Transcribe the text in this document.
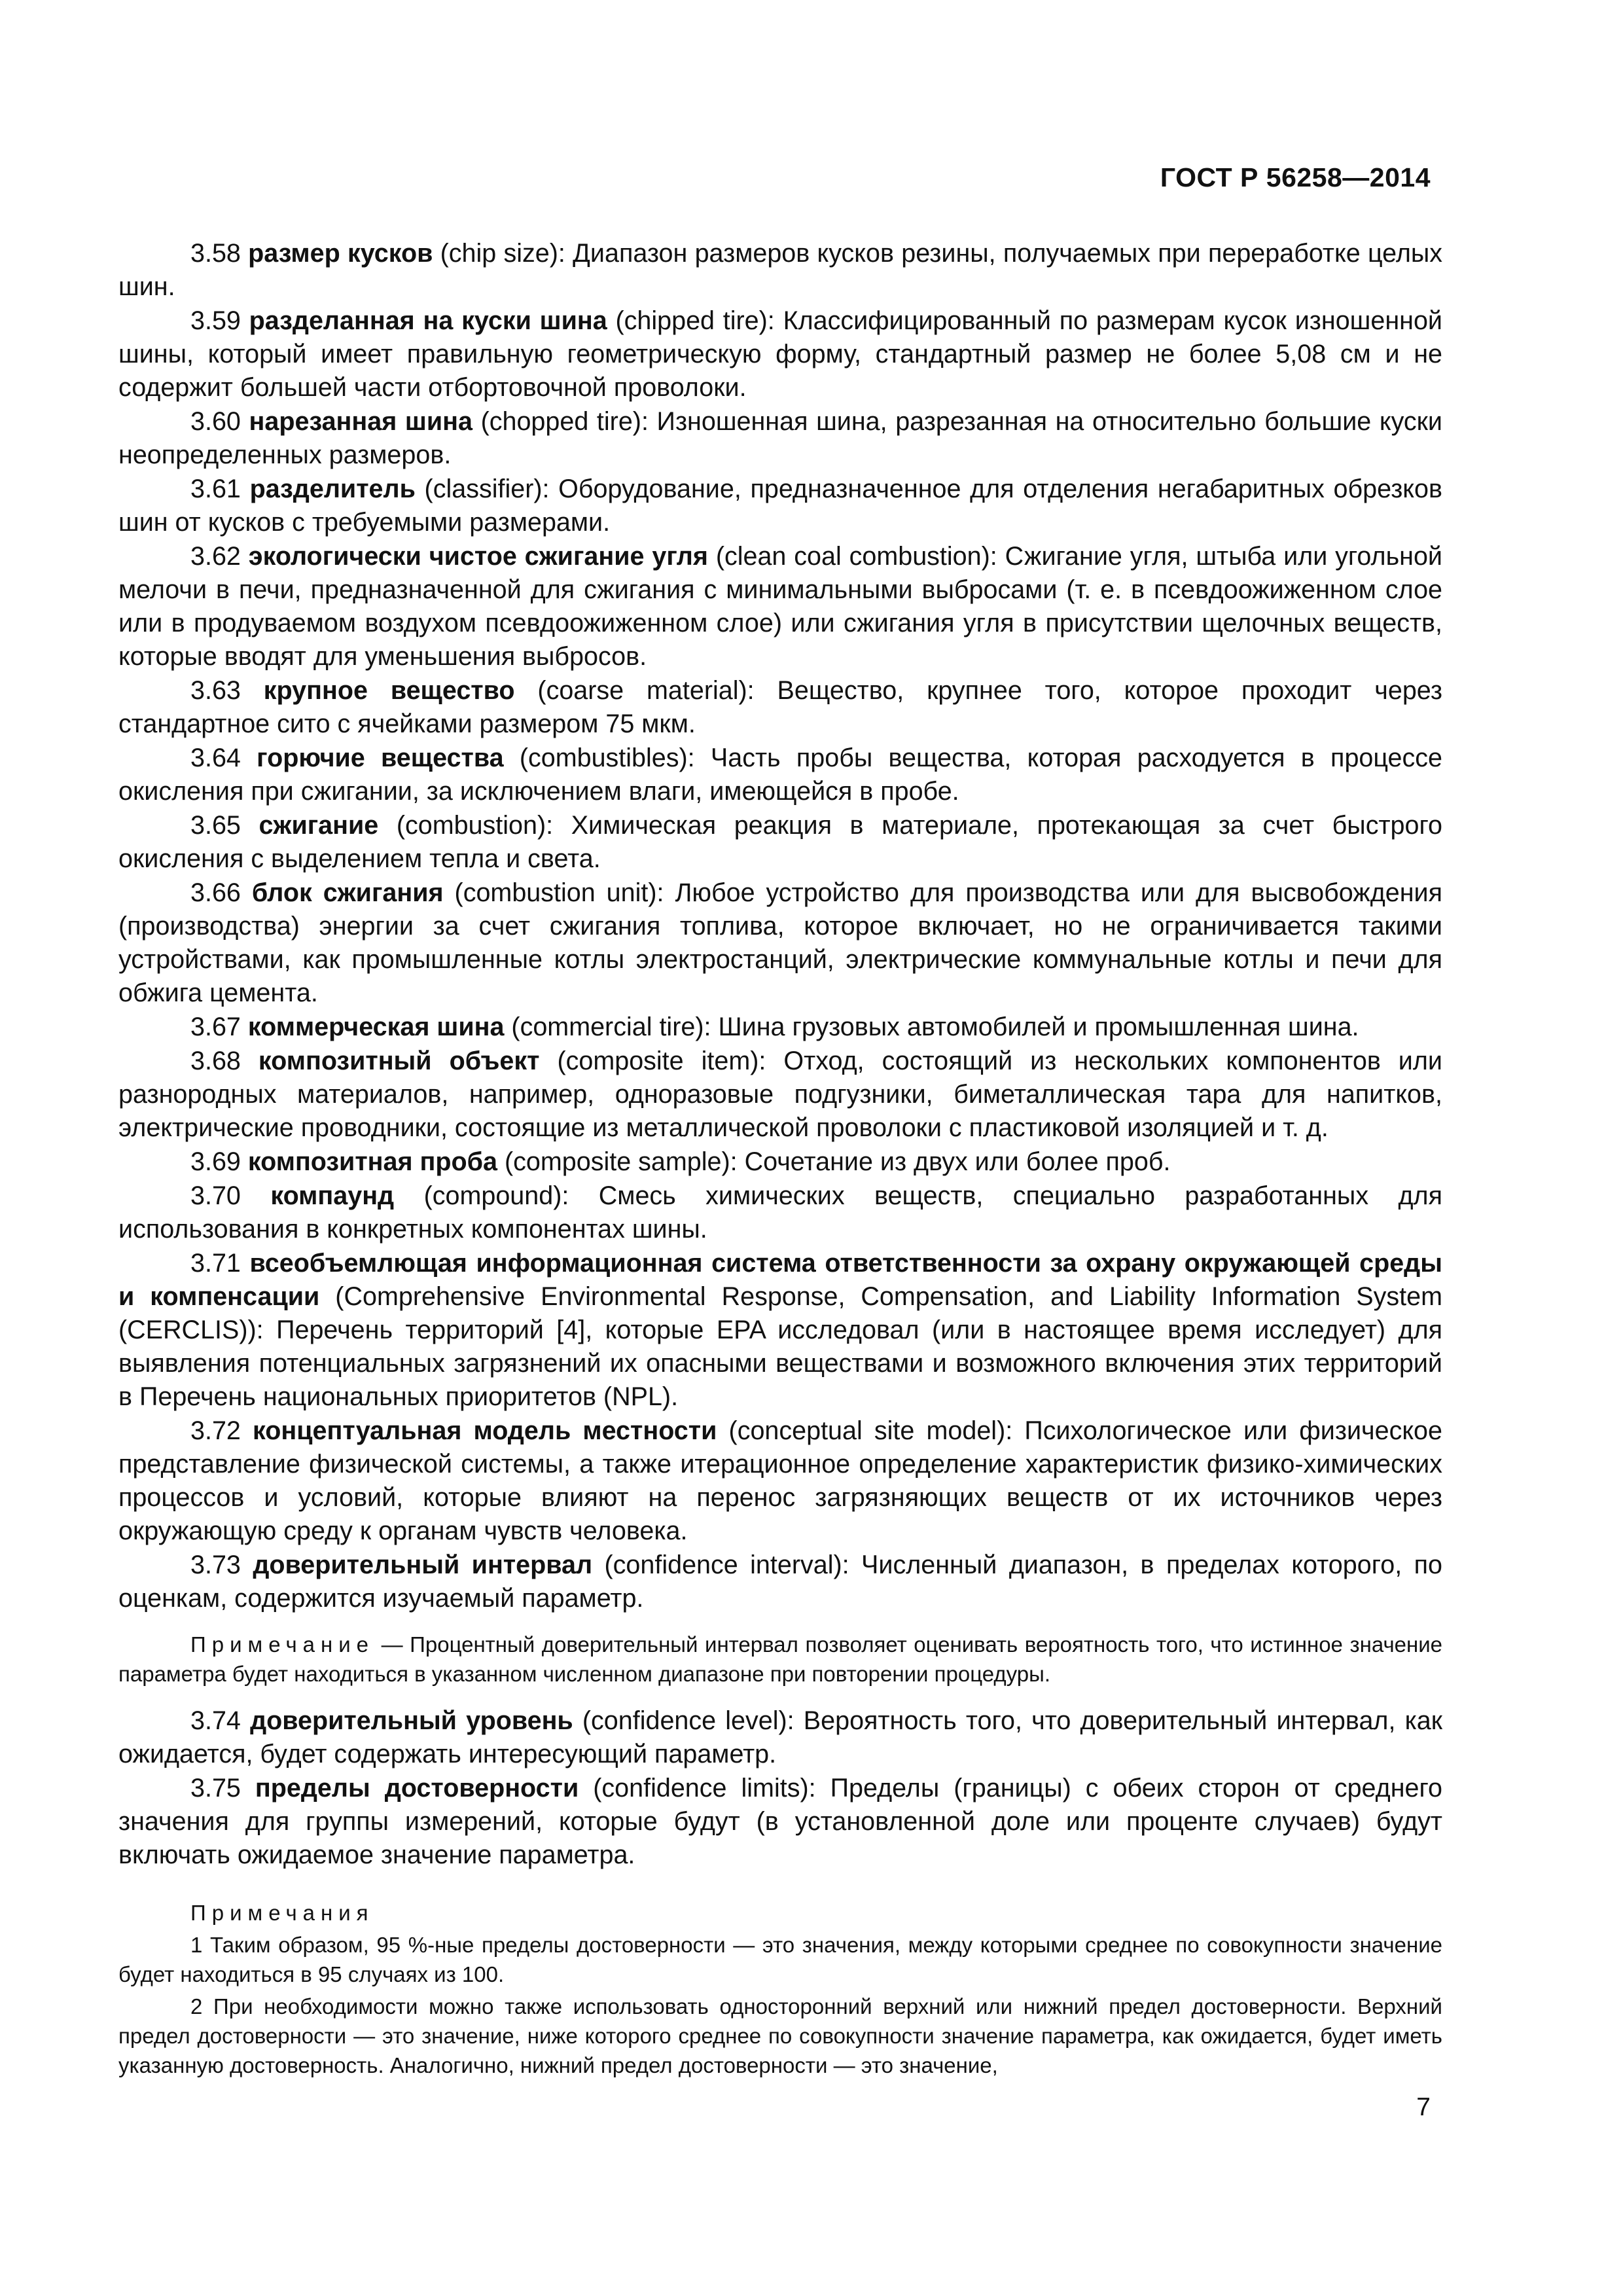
ГОСТ Р 56258—2014

3.58 размер кусков (chip size): Диапазон размеров кусков резины, получаемых при переработке целых шин.

3.59 разделанная на куски шина (chipped tire): Классифицированный по размерам кусок изношенной шины, который имеет правильную геометрическую форму, стандартный размер не более 5,08 см и не содержит большей части отбортовочной проволоки.

3.60 нарезанная шина (chopped tire): Изношенная шина, разрезанная на относительно большие куски неопределенных размеров.

3.61 разделитель (classifier): Оборудование, предназначенное для отделения негабаритных обрезков шин от кусков с требуемыми размерами.

3.62 экологически чистое сжигание угля (clean coal combustion): Сжигание угля, штыба или угольной мелочи в печи, предназначенной для сжигания с минимальными выбросами (т. е. в псевдоожиженном слое или в продуваемом воздухом псевдоожиженном слое) или сжигания угля в присутствии щелочных веществ, которые вводят для уменьшения выбросов.

3.63 крупное вещество (coarse material): Вещество, крупнее того, которое проходит через стандартное сито с ячейками размером 75 мкм.

3.64 горючие вещества (combustibles): Часть пробы вещества, которая расходуется в процессе окисления при сжигании, за исключением влаги, имеющейся в пробе.

3.65 сжигание (combustion): Химическая реакция в материале, протекающая за счет быстрого окисления с выделением тепла и света.

3.66 блок сжигания (combustion unit): Любое устройство для производства или для высвобождения (производства) энергии за счет сжигания топлива, которое включает, но не ограничивается такими устройствами, как промышленные котлы электростанций, электрические коммунальные котлы и печи для обжига цемента.

3.67 коммерческая шина (commercial tire): Шина грузовых автомобилей и промышленная шина.

3.68 композитный объект (composite item): Отход, состоящий из нескольких компонентов или разнородных материалов, например, одноразовые подгузники, биметаллическая тара для напитков, электрические проводники, состоящие из металлической проволоки с пластиковой изоляцией и т. д.

3.69 композитная проба (composite sample): Сочетание из двух или более проб.

3.70 компаунд (compound): Смесь химических веществ, специально разработанных для использования в конкретных компонентах шины.

3.71 всеобъемлющая информационная система ответственности за охрану окружающей среды и компенсации (Comprehensive Environmental Response, Compensation, and Liability Information System (CERCLIS)): Перечень территорий [4], которые EPA исследовал (или в настоящее время исследует) для выявления потенциальных загрязнений их опасными веществами и возможного включения этих территорий в Перечень национальных приоритетов (NPL).

3.72 концептуальная модель местности (conceptual site model): Психологическое или физическое представление физической системы, а также итерационное определение характеристик физико-химических процессов и условий, которые влияют на перенос загрязняющих веществ от их источников через окружающую среду к органам чувств человека.

3.73 доверительный интервал (confidence interval): Численный диапазон, в пределах которого, по оценкам, содержится изучаемый параметр.

Примечание — Процентный доверительный интервал позволяет оценивать вероятность того, что истинное значение параметра будет находиться в указанном численном диапазоне при повторении процедуры.

3.74 доверительный уровень (confidence level): Вероятность того, что доверительный интервал, как ожидается, будет содержать интересующий параметр.

3.75 пределы достоверности (confidence limits): Пределы (границы) с обеих сторон от среднего значения для группы измерений, которые будут (в установленной доле или проценте случаев) будут включать ожидаемое значение параметра.

Примечания

1 Таким образом, 95 %-ные пределы достоверности — это значения, между которыми среднее по совокупности значение будет находиться в 95 случаях из 100.

2 При необходимости можно также использовать односторонний верхний или нижний предел достоверности. Верхний предел достоверности — это значение, ниже которого среднее по совокупности значение параметра, как ожидается, будет иметь указанную достоверность. Аналогично, нижний предел достоверности — это значение,

7
